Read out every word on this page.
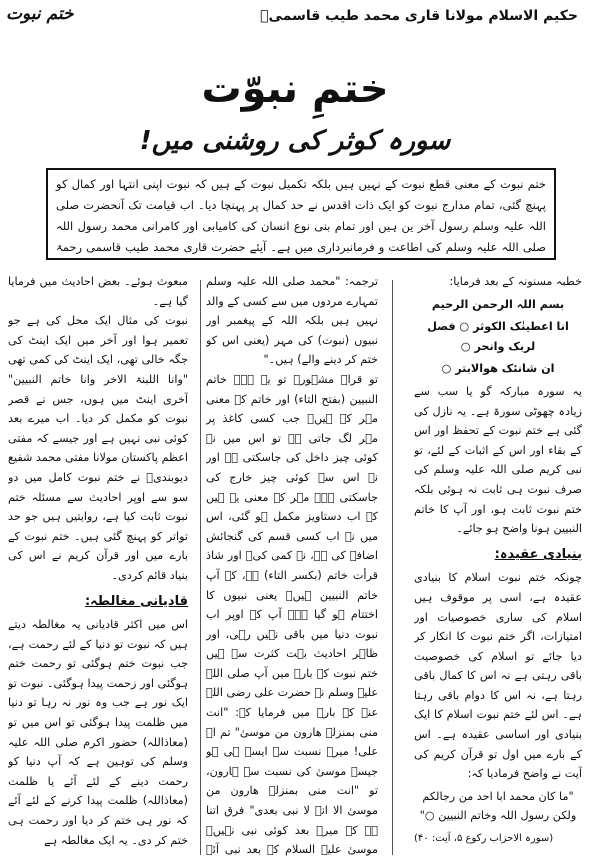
ختم نبوت	حکیم الاسلام مولانا قاری محمد طیب قاسمیؒ
ختمِ نبوّت
سورہ کوثر کی روشنی میں!
ختم نبوت کے معنی قطع نبوت کے نہیں ہیں بلکہ تکمیل نبوت کے ہیں کہ نبوت اپنی انتہا اور کمال کو پہنچ گئی، تمام مدارج نبوت کو ایک ذات اقدس نے حد کمال پر پہنچا دیا۔ اب قیامت تک آنحضرت صلی اللہ علیہ وسلم رسول آخر ین ہیں اور تمام بنی نوع انسان کی کامیابی اور کامرانی محمد رسول اللہ صلی اللہ علیہ وسلم کی اطاعت و فرمانبرداری میں ہے۔ آیئے حضرت قاری محمد طیب قاسمی رحمۃ

خطبہ مسنونہ کے بعد فرمایا:

بسم اللہ الرحمن الرحیم

انا اعطینٰک الکوثر ○ فصل لربک وانحر ○

ان شانئک ھوالابتر ○

یہ سورہ مبارکہ گو یا سب سے زیادہ چھوٹی سورۃ ہے۔ یہ نازل کی گئی ہے ختم نبوت کے تحفظ اور اس کے بقاء اور اس کے اثبات کے لئے، تو نبی کریم صلی اللہ علیہ وسلم کی صرف نبوت ہی ثابت نہ ہوئی بلکہ ختم نبوت ثابت ہو، اور آپ کا خاتم النبیین ہونا واضح ہو جائے۔

بنیادی عقیدہ:

چونکہ ختم نبوت اسلام کا بنیادی عقیدہ ہے، اسی پر موقوف ہیں اسلام کی ساری خصوصیات اور امتیازات، اگر ختم نبوت کا انکار کر دیا جائے تو اسلام کی خصوصیت باقی رہتی ہے نہ اس کا کمال باقی رہتا ہے، نہ اس کا دوام باقی رہتا ہے۔ اس لئے ختم نبوت اسلام کا ایک بنیادی اور اساسی عقیدہ ہے۔ اس کے بارے میں اول تو قرآن کریم کی آیت نے واضح فرمادیا کہ:

"ما کان محمد ابا احد من رجالکم ولکن رسول اللہ وخاتم النبیین ○"

(سورہ الاحزاب رکوع ۵، آیت: ۴۰)

ترجمہ: "محمد صلی اللہ علیہ وسلم تمہارے مردوں میں سے کسی کے والد نہیں ہیں بلکہ اللہ کے پیغمبر اور نبیوں (نبوت) کی مہر (یعنی اس کو ختم کر دینے والے) ہیں۔"

تو قراۃ مشہورہ تو یہ ہے۔ خاتم النبیین (بفتح التاء) اور خاتم کے معنی مہر کے ہیں۔ جب کسی کاغذ پر مہر لگ جاتی ہے تو اس میں نہ کوئی چیز داخل کی جاسکتی ہے اور نہ اس سے کوئی چیز خارج کی جاسکتی ہے۔ مہر کے معنی یہ ہیں کہ اب دستاویز مکمل ہو گئی، اس میں نہ اب کسی قسم کی گنجائش اضافہ کی ہے، نہ کمی کی۔ اور شاذ قرأت خاتم (بکسر التاء) ہے، کہ آپ خاتم النبیین ہیں۔ یعنی نبیوں کا اختتام ہو گیا ہے۔ آپ کے اوپر اب نبوت دنیا میں باقی نہیں رہی، اور ظاہر احادیث بہت کثرت سے ہیں ختم نبوت کے بارے میں آپ صلی اللہ علیہ وسلم نے حضرت علی رضی اللہ عنہ کے بارے میں فرمایا کہ: "انت منی بمنزلۃ ھارون من موسیٰ" تم اے علی! میرے نسبت سے ایسے ہی ہو جیسے موسیٰ کی نسبت سے ہارون، تو "انت منی بمنزلۃ ھارون من موسیٰ الا انہ لا نبی بعدی" فرق اتنا ہے کہ میرے بعد کوئی نبی نہیں۔ موسیٰ علیہ السلام کے بعد نبی آئے

مبعوث ہوئے۔ بعض احادیث میں فرمایا گیا ہے۔

نبوت کی مثال ایک محل کی ہے جو تعمیر ہوا اور آخر میں ایک اینٹ کی جگہ خالی تھی، ایک اینٹ کی کمی تھی "وانا اللبنۃ الاخر وانا خاتم النبیین" آخری اینٹ میں ہوں، جس نے قصر نبوت کو مکمل کر دیا۔ اب میرے بعد کوئی نبی نہیں ہے اور جیسے کہ مفتی اعظم پاکستان مولانا مفتی محمد شفیع دیوبندیؒ نے ختم نبوت کامل میں دو سو سے اوپر احادیث سے مسئلہ ختم نبوت ثابت کیا ہے، روایتیں ہیں جو حد تواتر کو پہنچ گئی ہیں۔ ختم نبوت کے بارے میں اور قرآن کریم نے اس کی بنیاد قائم کردی۔

قادیانی مغالطہ:

اس میں اکثر قادیانی یہ مغالطہ دیتے ہیں کہ نبوت تو دنیا کے لئے رحمت ہے، جب نبوت ختم ہوگئی تو رحمت ختم ہوگئی اور زحمت پیدا ہوگئی۔ نبوت تو ایک نور ہے جب وہ نور نہ رہا تو دنیا میں ظلمت پیدا ہوگئی تو اس میں تو (معاذاللہ) حضور اکرم صلی اللہ علیہ وسلم کی توہین ہے کہ آپ دنیا کو رحمت دینے کے لئے آئے یا ظلمت (معاذاللہ) ظلمت پیدا کرنے کے لئے آئے کہ نور ہی ختم کر دیا اور رحمت ہی ختم کر دی۔ یہ ایک مغالطہ ہے
